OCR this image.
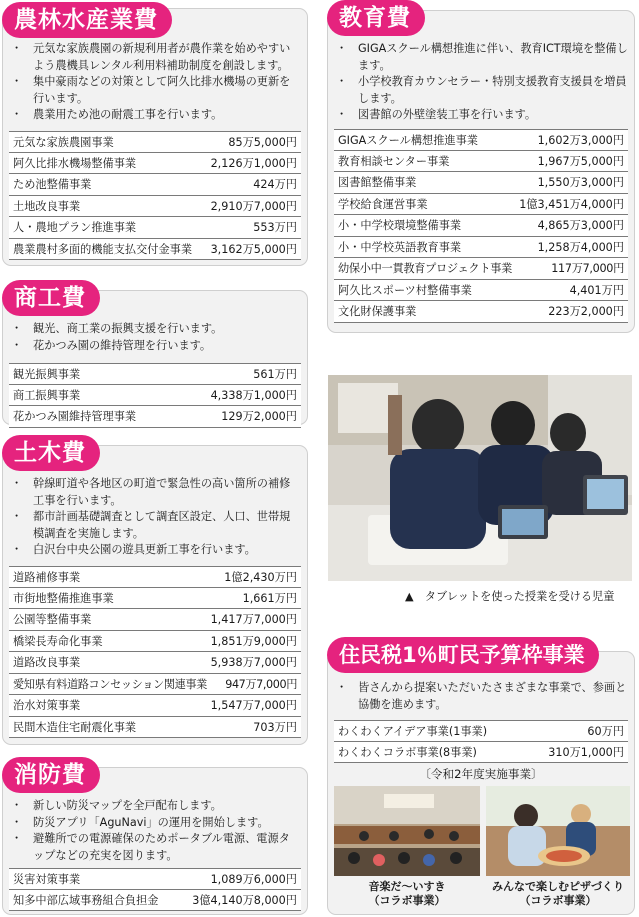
・ 元気な家族農園の新規利用者が農作業を始めやすいよう農機具レンタル利用料補助制度を創設します。
・ 集中豪雨などの対策として阿久比排水機場の更新を行います。
・ 農業用ため池の耐震工事を行います。
元気な家族農園事業	85万5,000円
阿久比排水機場整備事業	2,126万1,000円
ため池整備事業	424万円
土地改良事業	2,910万7,000円
人・農地プラン推進事業	553万円
農業農村多面的機能支払交付金事業 3,162万5,000円
農林水産業費
・ 観光、商工業の振興支援を行います。
・ 花かつみ園の維持管理を行います。
観光振興事業	561万円
商工振興事業	4,338万1,000円
花かつみ園維持管理事業	129万2,000円
商工費
・ 幹線町道や各地区の町道で緊急性の高い箇所の補修工事を行います。
・ 都市計画基礎調査として調査区設定、人口、世帯規模調査を実施します。
・ 白沢台中央公園の遊具更新工事を行います。
道路補修事業	1億2,430万円
市街地整備推進事業	1,661万円
公園等整備事業	1,417万7,000円
橋梁長寿命化事業	1,851万9,000円
道路改良事業	5,938万7,000円
愛知県有料道路コンセッション関連事業 947万7,000円
治水対策事業	1,547万7,000円
民間木造住宅耐震化事業	703万円
土木費
・ 新しい防災マップを全戸配布します。
・ 防災アプリ「AguNavi」の運用を開始します。
・ 避難所での電源確保のためポータブル電源、電源タップなどの充実を図ります。
災害対策事業	1,089万6,000円
知多中部広域事務組合負担金	3億4,140万8,000円
消防費
・ GIGAスクール構想推進に伴い、教育ICT環境を整備します。
・ 小学校教育カウンセラー・特別支援教育支援員を増員します。
・ 図書館の外壁塗装工事を行います。
GIGAスクール構想推進事業	1,602万3,000円
教育相談センター事業	1,967万5,000円
図書館整備事業	1,550万3,000円
学校給食運営事業	1億3,451万4,000円
小・中学校環境整備事業	4,865万3,000円
小・中学校英語教育事業	1,258万4,000円
幼保小中一貫教育プロジェクト事業	117万7,000円
阿久比スポーツ村整備事業	4,401万円
文化財保護事業	223万2,000円
教育費
▲　タブレットを使った授業を受ける児童
・ 皆さんから提案いただいたさまざまな事業で、参画と協働を進めます。
わくわくアイデア事業(1事業)	60万円
わくわくコラボ事業(8事業)	310万1,000円
〔令和2年度実施事業〕
音楽だ～いすき
（コラボ事業）
みんなで楽しむピザづくり
（コラボ事業）
住民税1％町民予算枠事業
